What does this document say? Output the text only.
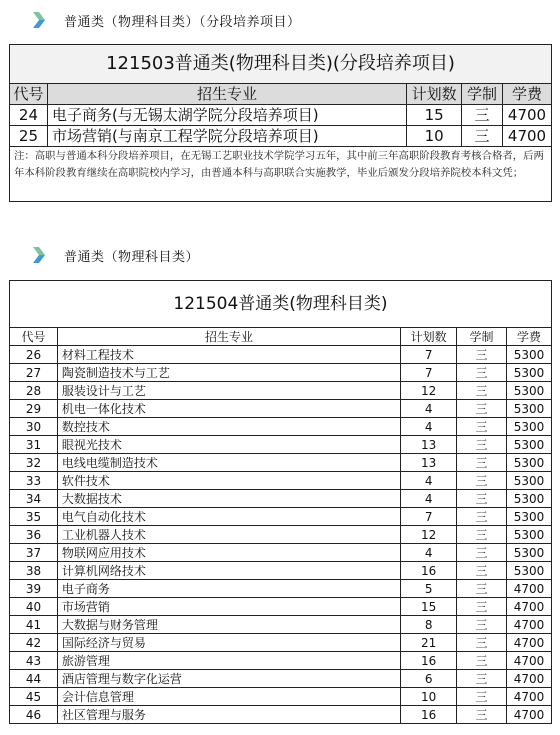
普通类（物理科目类）（分段培养项目）
121503普通类(物理科目类)(分段培养项目)				
代号	招生专业	计划数	学制	学费
24	电子商务(与无锡太湖学院分段培养项目)	15	三	4700
25	市场营销(与南京工程学院分段培养项目)	10	三	4700
注：高职与普通本科分段培养项目，在无锡工艺职业技术学院学习五年，其中前三年高职阶段教育考核合格者，后两年本科阶段教育继续在高职院校内学习，由普通本科与高职联合实施教学，毕业后颁发分段培养院校本科文凭；				
普通类（物理科目类）
121504普通类(物理科目类)				
代号	招生专业	计划数	学制	学费
26	材料工程技术	7	三	5300
27	陶瓷制造技术与工艺	7	三	5300
28	服装设计与工艺	12	三	5300
29	机电一体化技术	4	三	5300
30	数控技术	4	三	5300
31	眼视光技术	13	三	5300
32	电线电缆制造技术	13	三	5300
33	软件技术	4	三	5300
34	大数据技术	4	三	5300
35	电气自动化技术	7	三	5300
36	工业机器人技术	12	三	5300
37	物联网应用技术	4	三	5300
38	计算机网络技术	16	三	5300
39	电子商务	5	三	4700
40	市场营销	15	三	4700
41	大数据与财务管理	8	三	4700
42	国际经济与贸易	21	三	4700
43	旅游管理	16	三	4700
44	酒店管理与数字化运营	6	三	4700
45	会计信息管理	10	三	4700
46	社区管理与服务	16	三	4700
